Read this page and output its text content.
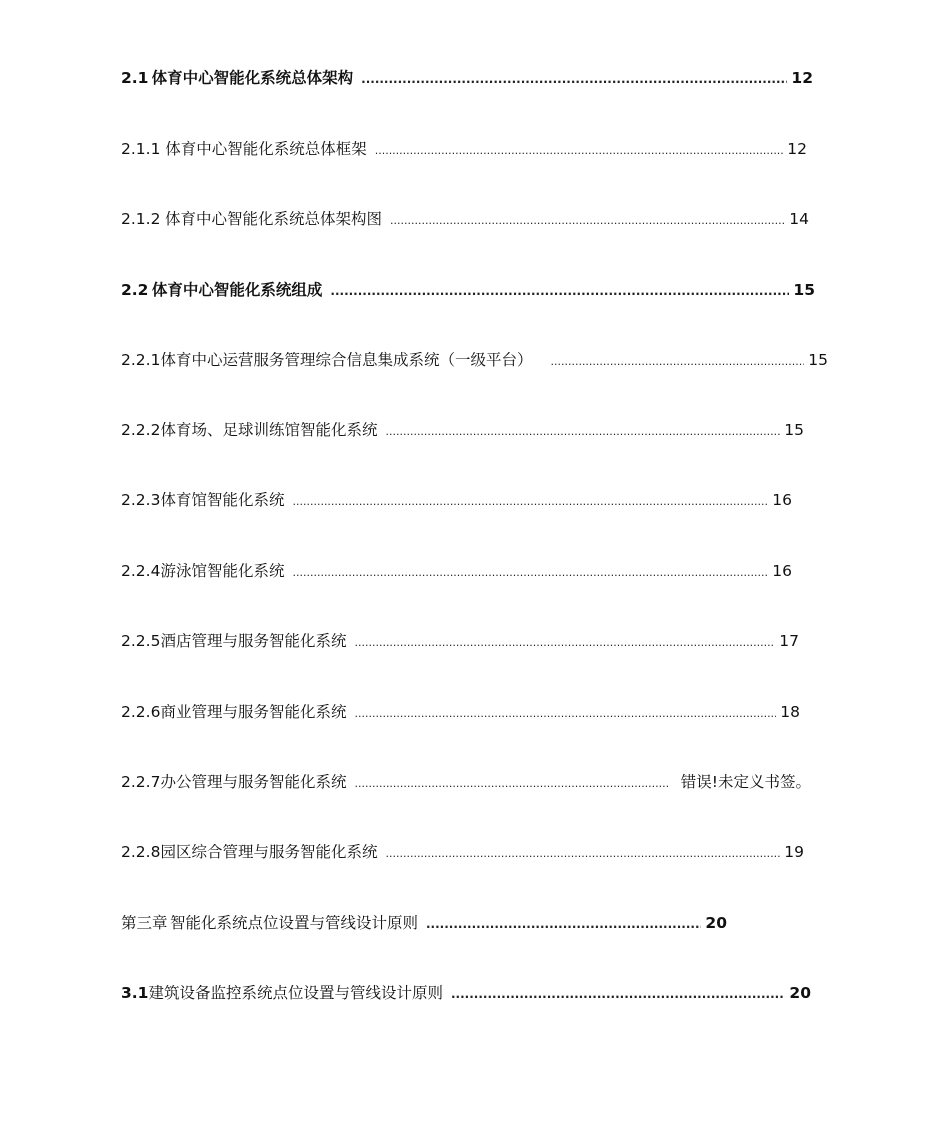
2.1 体育中心智能化系统总体架构 .....	12
2.1.1 体育中心智能化系统总体框架 .....	12
2.1.2 体育中心智能化系统总体架构图 .....	14
2.2 体育中心智能化系统组成 .....	15
2.2.1 体育中心运营服务管理综合信息集成系统（一级平台） .....	15
2.2.2 体育场、足球训练馆智能化系统 .....	15
2.2.3 体育馆智能化系统 .....	16
2.2.4 游泳馆智能化系统 .....	16
2.2.5 酒店管理与服务智能化系统 .....	17
2.2.6 商业管理与服务智能化系统 .....	18
2.2.7 办公管理与服务智能化系统 .....	错误!未定义书签。
2.2.8 园区综合管理与服务智能化系统 .....	19
第三章 智能化系统点位设置与管线设计原则 .....	20
3.1 建筑设备监控系统点位设置与管线设计原则 .....	20
